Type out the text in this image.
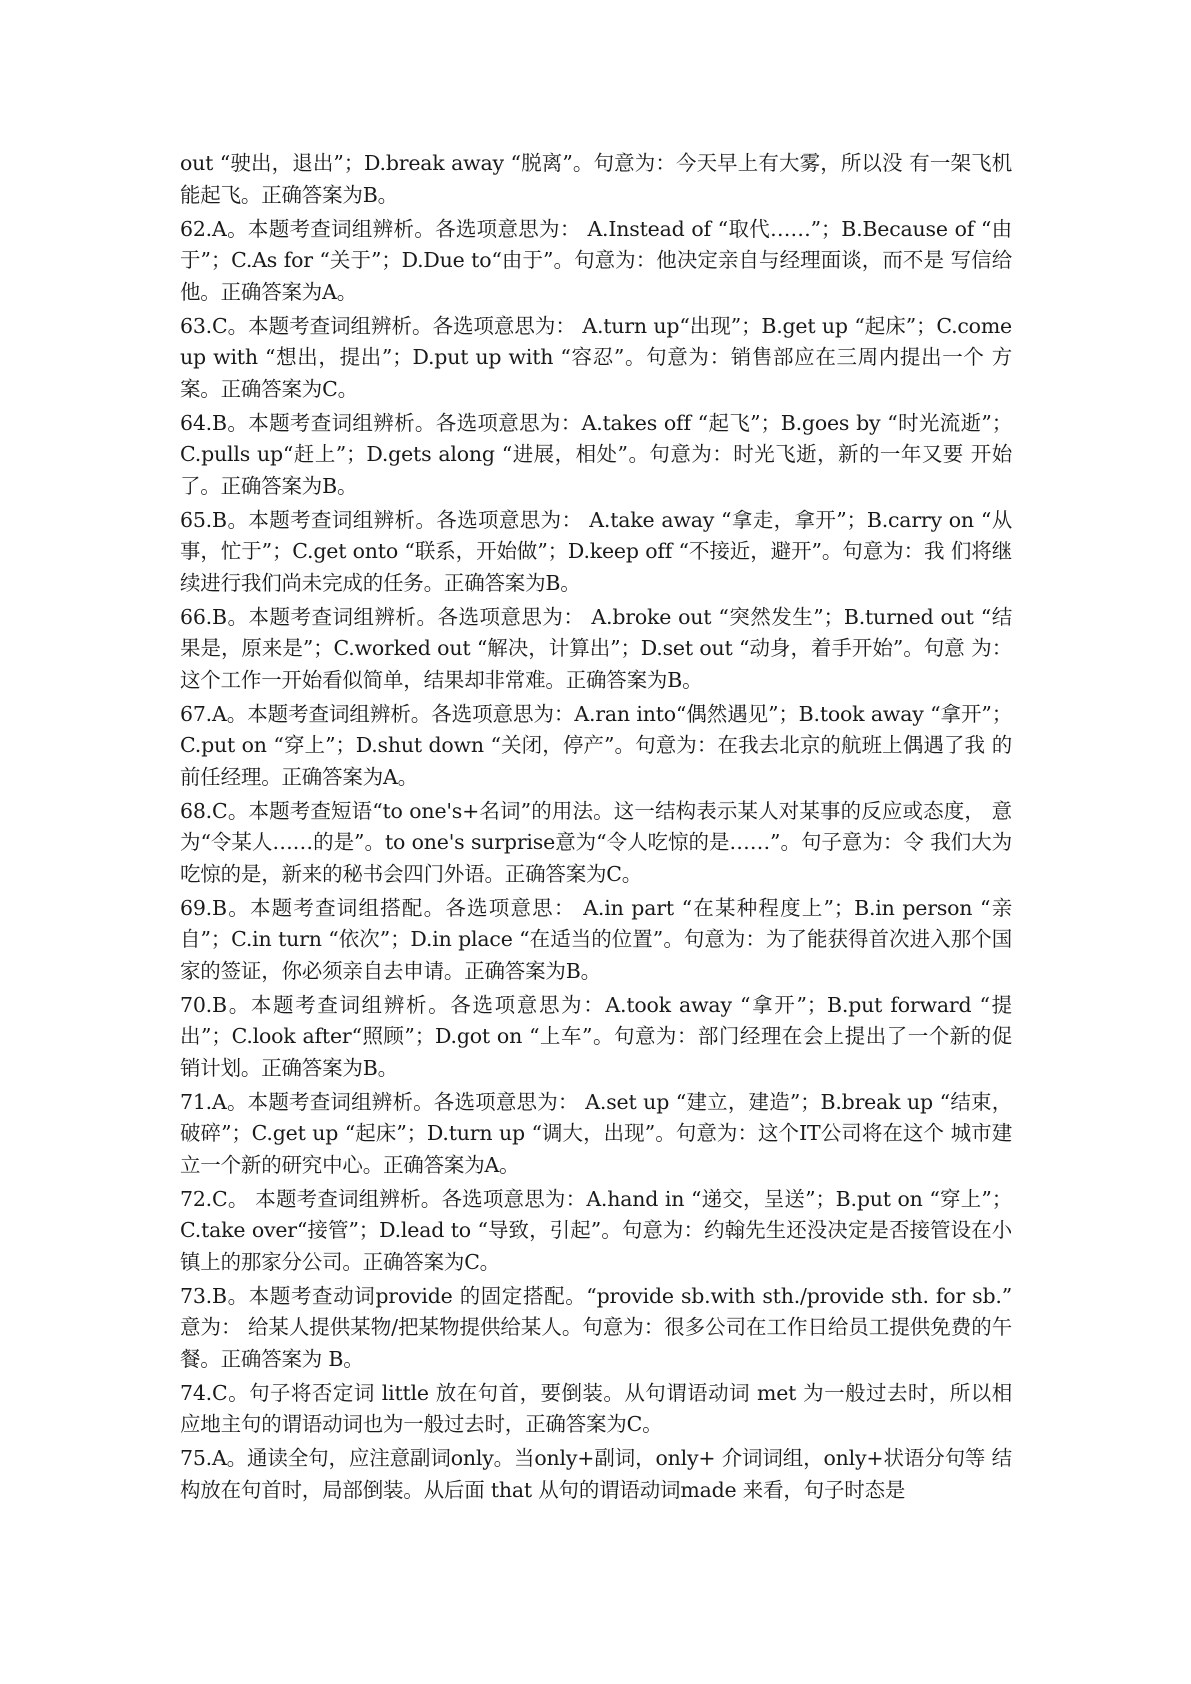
out “驶出，退出”；D.break away “脱离”。句意为：今天早上有大雾，所以没 有一架飞机能起飞。正确答案为B。

62.A。本题考查词组辨析。各选项意思为： A.Instead of “取代……”；B.Because of “由 于”；C.As for “关于”；D.Due to“由于”。句意为：他决定亲自与经理面谈，而不是 写信给他。正确答案为A。

63.C。本题考查词组辨析。各选项意思为： A.turn up“出现”；B.get up “起床”；C.come up with “想出，提出”；D.put up with “容忍”。句意为：销售部应在三周内提出一个 方案。正确答案为C。

64.B。本题考查词组辨析。各选项意思为：A.takes off “起飞”；B.goes by “时光流逝”；C.pulls up“赶上”；D.gets along “进展，相处”。句意为：时光飞逝，新的一年又要 开始了。正确答案为B。

65.B。本题考查词组辨析。各选项意思为： A.take away “拿走，拿开”；B.carry on “从 事，忙于”；C.get onto “联系，开始做”；D.keep off “不接近，避开”。句意为：我 们将继续进行我们尚未完成的任务。正确答案为B。

66.B。本题考查词组辨析。各选项意思为： A.broke out “突然发生”；B.turned out “结 果是，原来是”；C.worked out “解决，计算出”；D.set out “动身，着手开始”。句意 为：这个工作一开始看似简单，结果却非常难。正确答案为B。

67.A。本题考查词组辨析。各选项意思为：A.ran into“偶然遇见”；B.took away “拿开”；C.put on “穿上”；D.shut down “关闭，停产”。句意为：在我去北京的航班上偶遇了我 的前任经理。正确答案为A。

68.C。本题考查短语“to one's+名词”的用法。这一结构表示某人对某事的反应或态度， 意为“令某人……的是”。to one's surprise意为“令人吃惊的是……”。句子意为：令 我们大为吃惊的是，新来的秘书会四门外语。正确答案为C。

69.B。本题考查词组搭配。各选项意思： A.in part “在某种程度上”；B.in person “亲自”；C.in turn “依次”；D.in place “在适当的位置”。句意为：为了能获得首次进入那个国 家的签证，你必须亲自去申请。正确答案为B。

70.B。本题考查词组辨析。各选项意思为：A.took away “拿开”；B.put forward “提出”；C.look after“照顾”；D.got on “上车”。句意为：部门经理在会上提出了一个新的促 销计划。正确答案为B。

71.A。本题考查词组辨析。各选项意思为： A.set up “建立，建造”；B.break up “结束，破碎”；C.get up “起床”；D.turn up “调大，出现”。句意为：这个IT公司将在这个 城市建立一个新的研究中心。正确答案为A。

72.C。 本题考查词组辨析。各选项意思为：A.hand in “递交，呈送”；B.put on “穿上”；C.take over“接管”；D.lead to “导致，引起”。句意为：约翰先生还没决定是否接管设在小镇上的那家分公司。正确答案为C。

73.B。本题考查动词provide 的固定搭配。“provide sb.with sth./provide sth. for sb.” 意为： 给某人提供某物/把某物提供给某人。句意为：很多公司在工作日给员工提供免费的午餐。正确答案为 B。

74.C。句子将否定词 little 放在句首，要倒装。从句谓语动词 met 为一般过去时，所以相 应地主句的谓语动词也为一般过去时，正确答案为C。

75.A。通读全句，应注意副词only。当only+副词，only+ 介词词组，only+状语分句等 结构放在句首时，局部倒装。从后面 that 从句的谓语动词made 来看，句子时态是
